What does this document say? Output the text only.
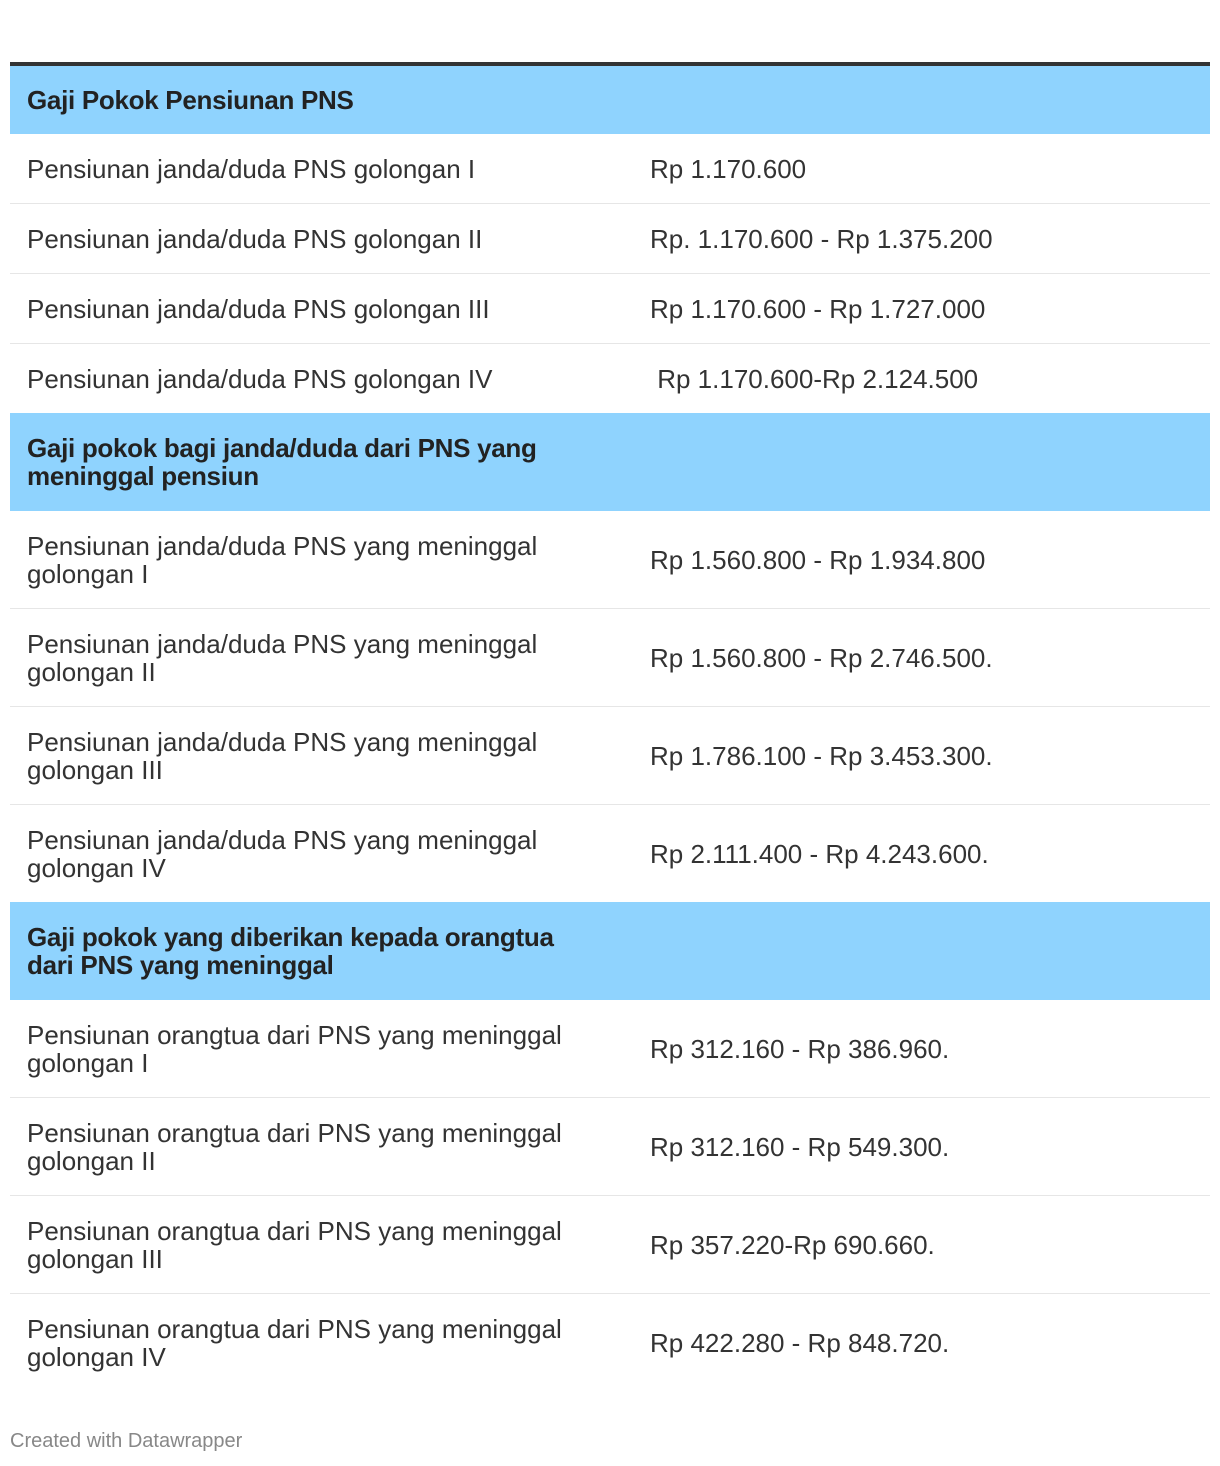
Gaji Pokok Pensiunan PNS	
Pensiunan janda/duda PNS golongan I	Rp 1.170.600
Pensiunan janda/duda PNS golongan II	Rp. 1.170.600 - Rp 1.375.200
Pensiunan janda/duda PNS golongan III	Rp 1.170.600 - Rp 1.727.000
Pensiunan janda/duda PNS golongan IV	Rp 1.170.600-Rp 2.124.500
Gaji pokok bagi janda/duda dari PNS yang meninggal pensiun	
Pensiunan janda/duda PNS yang meninggal golongan I	Rp 1.560.800 - Rp 1.934.800
Pensiunan janda/duda PNS yang meninggal golongan II	Rp 1.560.800 - Rp 2.746.500.
Pensiunan janda/duda PNS yang meninggal golongan III	Rp 1.786.100 - Rp 3.453.300.
Pensiunan janda/duda PNS yang meninggal golongan IV	Rp 2.111.400 - Rp 4.243.600.
Gaji pokok yang diberikan kepada orangtua dari PNS yang meninggal	
Pensiunan orangtua dari PNS yang meninggal golongan I	Rp 312.160 - Rp 386.960.
Pensiunan orangtua dari PNS yang meninggal golongan II	Rp 312.160 - Rp 549.300.
Pensiunan orangtua dari PNS yang meninggal golongan III	Rp 357.220-Rp 690.660.
Pensiunan orangtua dari PNS yang meninggal golongan IV	Rp 422.280 - Rp 848.720.
Created with Datawrapper
